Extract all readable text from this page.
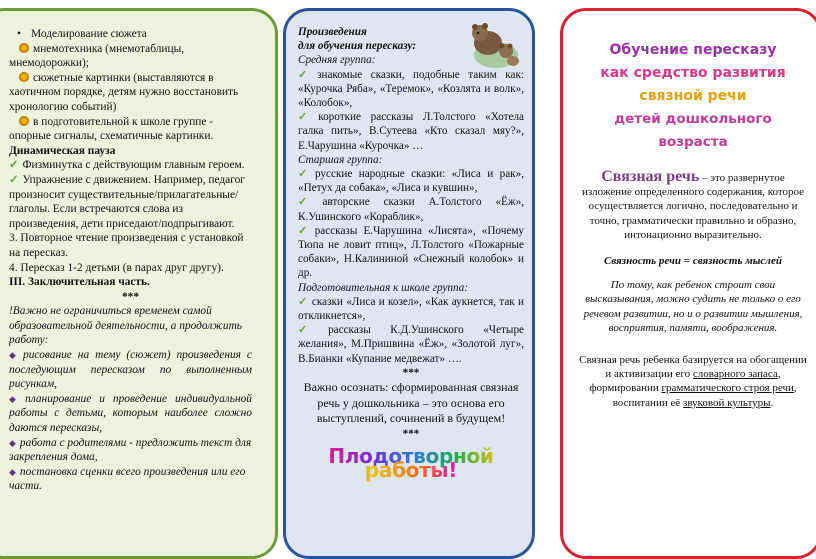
• Моделирование сюжета

мнемотехника (мнемотаблицы, мнемодорожки);

сюжетные картинки (выставляются в хаотичном порядке, детям нужно восстановить хронологию событий)

в подготовительной к школе группе - опорные сигналы, схематичные картинки.

Динамическая пауза

✓ Физминутка с действующим главным героем.

✓ Упражнение с движением. Например, педагог произносит существительные/прилагательные/ глаголы. Если встречаются слова из произведения, дети приседают/подпрыгивают.

3. Повторное чтение произведения с установкой на пересказ.

4. Пересказ 1-2 детьми (в парах друг другу).

III. Заключительная часть.

***

!Важно не ограничиться временем самой образовательной деятельности, а продолжить работу:

◆ рисование на тему (сюжет) произведения с последующим пересказом по выполненным рисункам,

◆ планирование и проведение индивидуальной работы с детьми, которым наиболее сложно даются пересказы,

◆ работа с родителями - предложить текст для закрепления дома,

◆ постановка сценки всего произведения или его части.

Произведения

для обучения пересказу:

Средняя группа:

✓ знакомые сказки, подобные таким как: «Курочка Ряба», «Теремок», «Козлята и волк», «Колобок»,

✓ короткие рассказы Л.Толстого «Хотела галка пить», В.Сутеева «Кто сказал мяу?», Е.Чарушина «Курочка» …

Старшая группа:

✓ русские народные сказки: «Лиса и рак», «Петух да собака», «Лиса и кувшин»,

✓ авторские сказки А.Толстого «Ёж», К.Ушинского «Кораблик»,

✓ рассказы Е.Чарушина «Лисята», «Почему Тюпа не ловит птиц», Л.Толстого «Пожарные собаки», Н.Калининой «Снежный колобок» и др.

Подготовительная к школе группа:

✓ сказки «Лиса и козел», «Как аукнется, так и откликнется»,

✓ рассказы К.Д.Ушинского «Четыре желания», М.Пришвина «Ёж», «Золотой луг», В.Бианки «Купание медвежат» ….

***

Важно осознать: сформированная связная речь у дошкольника – это основа его выступлений, сочинений в будущем!

***

Плодотворной работы!
Обучение пересказу
как средство развития
связной речи
детей дошкольного возраста

Связная речь – это развернутое изложение определенного содержания, которое осуществляется логично, последовательно и точно, грамматически правильно и образно, интонационно выразительно.

Связность речи = связность мыслей

По тому, как ребенок строит свои высказывания, можно судить не только о его речевом развитии, но и о развитии мышления, восприятия, памяти, воображения.

Связная речь ребенка базируется на обогащении и активизации его словарного запаса, формировании грамматического строя речи, воспитании её звуковой культуры.
